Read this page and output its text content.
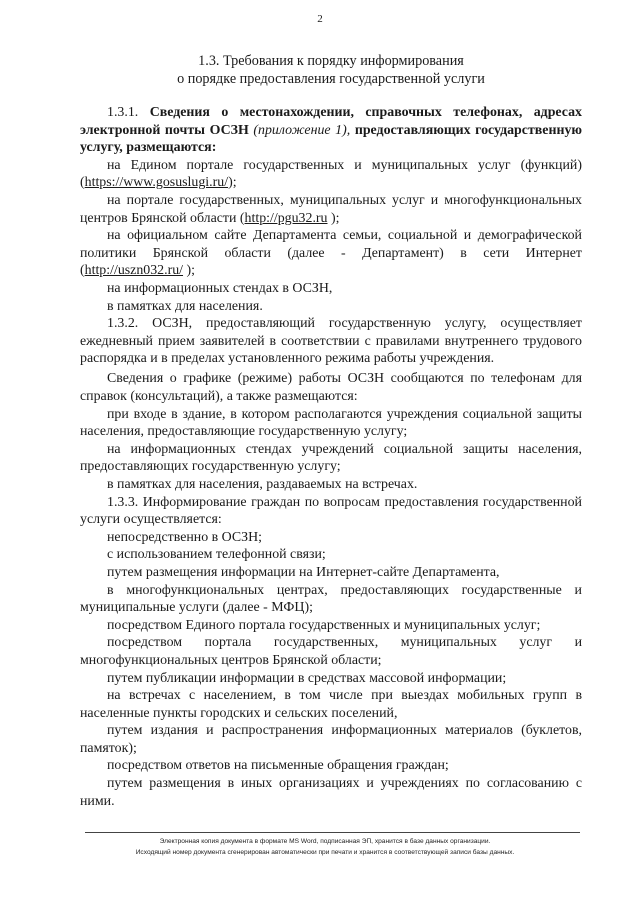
2
1.3. Требования к порядку информирования
о порядке предоставления государственной услуги

1.3.1. Сведения о местонахождении, справочных телефонах, адресах электронной почты ОСЗН (приложение 1), предоставляющих государственную услугу, размещаются:

на Едином портале государственных и муниципальных услуг (функций) (https://www.gosuslugi.ru/);

на портале государственных, муниципальных услуг и многофункциональных центров Брянской области (http://pgu32.ru );

на официальном сайте Департамента семьи, социальной и демографической политики Брянской области (далее - Департамент) в сети Интернет (http://uszn032.ru/ );

на информационных стендах в ОСЗН,

в памятках для населения.

1.3.2. ОСЗН, предоставляющий государственную услугу, осуществляет ежедневный прием заявителей в соответствии с правилами внутреннего трудового распорядка и в пределах установленного режима работы учреждения.

Сведения о графике (режиме) работы ОСЗН сообщаются по телефонам для справок (консультаций), а также размещаются:

при входе в здание, в котором располагаются учреждения социальной защиты населения, предоставляющие государственную услугу;

на информационных стендах учреждений социальной защиты населения, предоставляющих государственную услугу;

в памятках для населения, раздаваемых на встречах.

1.3.3. Информирование граждан по вопросам предоставления государственной услуги осуществляется:

непосредственно в ОСЗН;

с использованием телефонной связи;

путем размещения информации на Интернет-сайте Департамента,

в многофункциональных центрах, предоставляющих государственные и муниципальные услуги (далее - МФЦ);

посредством Единого портала государственных и муниципальных услуг;

посредством портала государственных, муниципальных услуг и многофункциональных центров Брянской области;

путем публикации информации в средствах массовой информации;

на встречах с населением, в том числе при выездах мобильных групп в населенные пункты городских и сельских поселений,

путем издания и распространения информационных материалов (буклетов, памяток);

посредством ответов на письменные обращения граждан;

путем размещения в иных организациях и учреждениях по согласованию с ними.

Электронная копия документа в формате MS Word, подписанная ЭП, хранится в базе данных организации.
Исходящий номер документа сгенерирован автоматически при печати и хранится в соответствующей записи базы данных.
